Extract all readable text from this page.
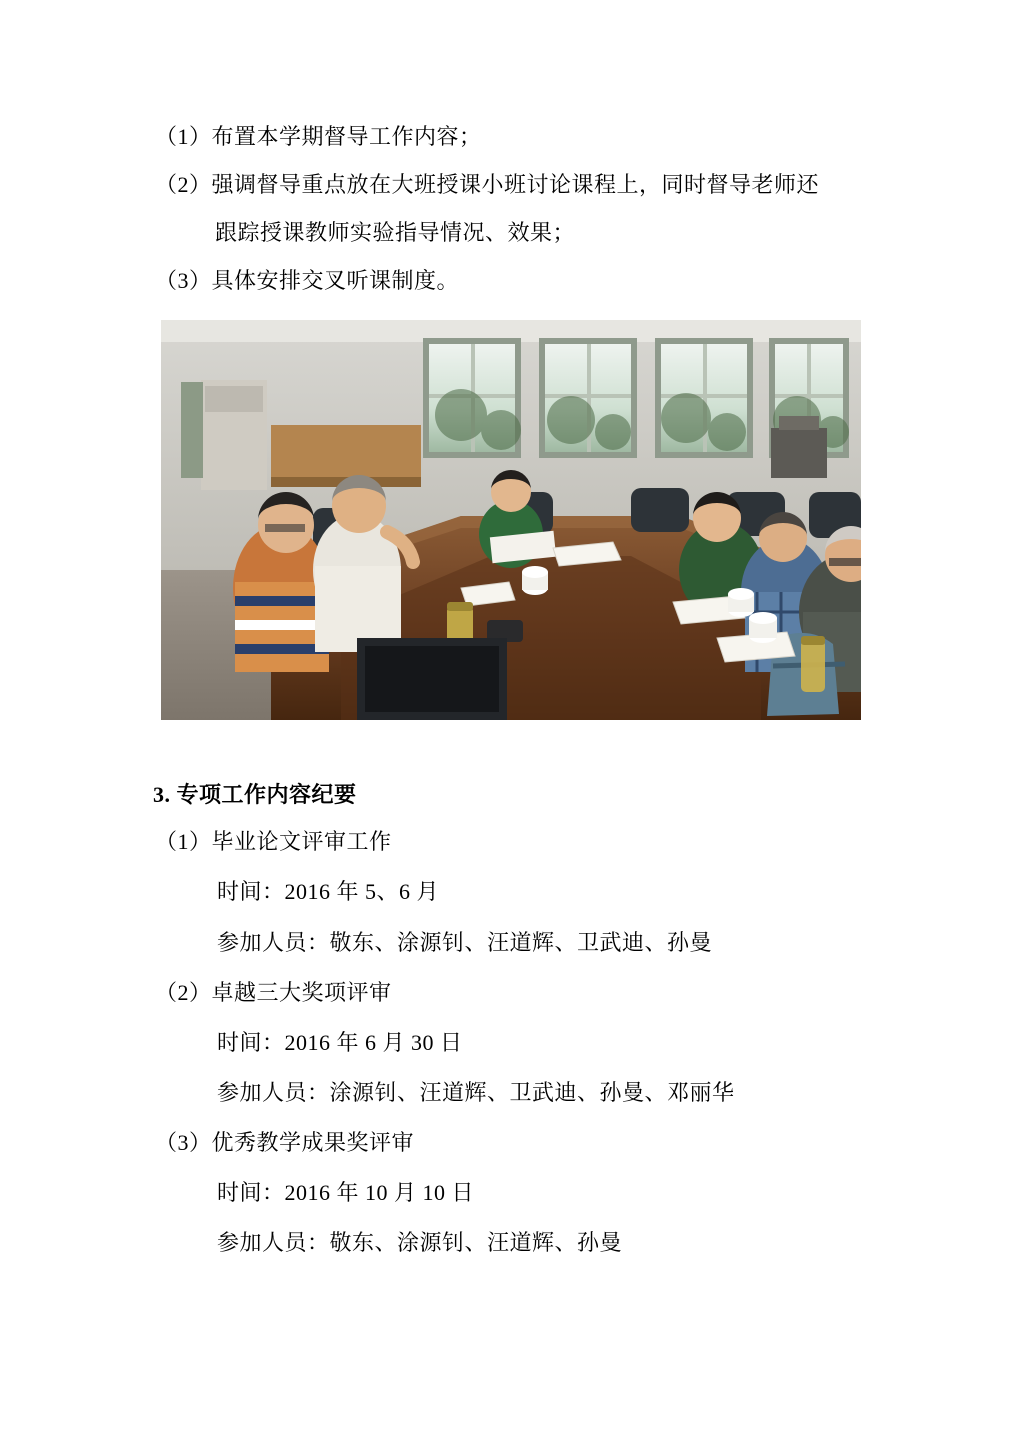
（1）布置本学期督导工作内容；

（2）强调督导重点放在大班授课小班讨论课程上，同时督导老师还

跟踪授课教师实验指导情况、效果；

（3）具体安排交叉听课制度。

3. 专项工作内容纪要

（1）毕业论文评审工作

时间：2016 年 5、6 月

参加人员：敬东、涂源钊、汪道辉、卫武迪、孙曼

（2）卓越三大奖项评审

时间：2016 年 6 月 30 日

参加人员：涂源钊、汪道辉、卫武迪、孙曼、邓丽华

（3）优秀教学成果奖评审

时间：2016 年 10 月 10 日

参加人员：敬东、涂源钊、汪道辉、孙曼
